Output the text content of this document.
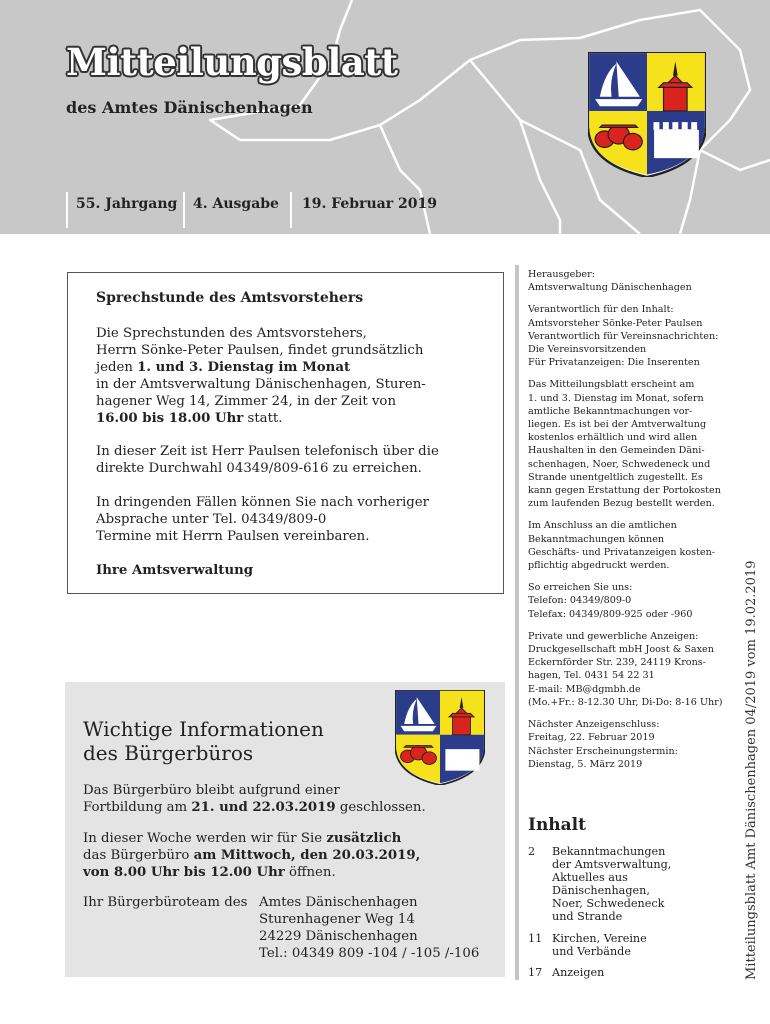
Mitteilungsblatt
des Amtes Dänischenhagen
55. Jahrgang 4. Ausgabe 19. Februar 2019
Sprechstunde des Amtsvorstehers
Die Sprechstunden des Amtsvorstehers,
Herrn Sönke-Peter Paulsen, findet grundsätzlich
jeden 1. und 3. Dienstag im Monat
in der Amtsverwaltung Dänischenhagen, Sturen-
hagener Weg 14, Zimmer 24, in der Zeit von
16.00 bis 18.00 Uhr statt.
In dieser Zeit ist Herr Paulsen telefonisch über die
direkte Durchwahl 04349/809-616 zu erreichen.
In dringenden Fällen können Sie nach vorheriger
Absprache unter Tel. 04349/809-0
Termine mit Herrn Paulsen vereinbaren.
Ihre Amtsverwaltung
Wichtige Informationen
des Bürgerbüros
Das Bürgerbüro bleibt aufgrund einer
Fortbildung am 21. und 22.03.2019 geschlossen.
In dieser Woche werden wir für Sie zusätzlich
das Bürgerbüro am Mittwoch, den 20.03.2019,
von 8.00 Uhr bis 12.00 Uhr öffnen.
Ihr Bürgerbüroteam des Amtes Dänischenhagen
Sturenhagener Weg 14
24229 Dänischenhagen
Tel.: 04349 809 -104 / -105 /-106
Herausgeber:
Amtsverwaltung Dänischenhagen
Verantwortlich für den Inhalt:
Amtsvorsteher Sönke-Peter Paulsen
Verantwortlich für Vereinsnachrichten:
Die Vereinsvorsitzenden
Für Privatanzeigen: Die Inserenten
Das Mitteilungsblatt erscheint am
1. und 3. Dienstag im Monat, sofern
amtliche Bekanntmachungen vor-
liegen. Es ist bei der Amtverwaltung
kostenlos erhältlich und wird allen
Haushalten in den Gemeinden Däni-
schenhagen, Noer, Schwedeneck und
Strande unentgeltlich zugestellt. Es
kann gegen Erstattung der Portokosten
zum laufenden Bezug bestellt werden.
Im Anschluss an die amtlichen
Bekanntmachungen können
Geschäfts- und Privatanzeigen kosten-
pflichtig abgedruckt werden.
So erreichen Sie uns:
Telefon: 04349/809-0
Telefax: 04349/809-925 oder -960
Private und gewerbliche Anzeigen:
Druckgesellschaft mbH Joost & Saxen
Eckernförder Str. 239, 24119 Krons-
hagen, Tel. 0431 54 22 31
E-mail: MB@dgmbh.de
(Mo.+Fr.: 8-12.30 Uhr, Di-Do: 8-16 Uhr)
Nächster Anzeigenschluss:
Freitag, 22. Februar 2019
Nächster Erscheinungstermin:
Dienstag, 5. März 2019
Inhalt
2 Bekanntmachungen
der Amtsverwaltung,
Aktuelles aus
Dänischenhagen,
Noer, Schwedeneck
und Strande
11 Kirchen, Vereine
und Verbände
17 Anzeigen	Mitteilungsblatt Amt Dänischenhagen 04/2019 vom 19.02.2019
